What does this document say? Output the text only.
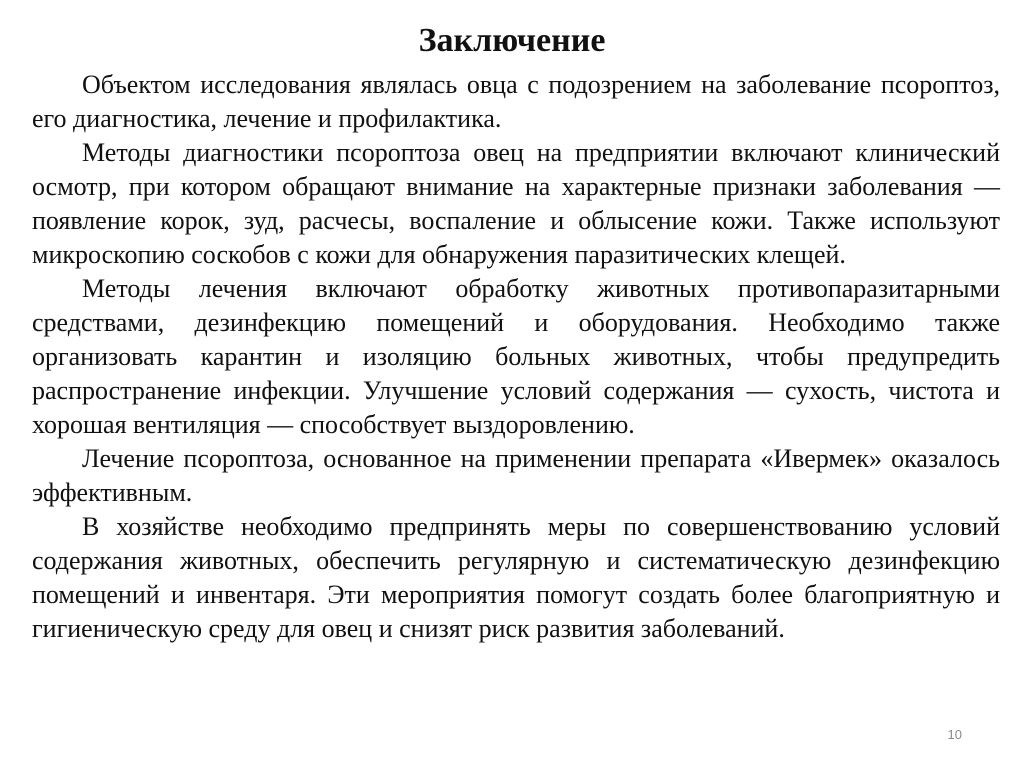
Заключение

Объектом исследования являлась овца с подозрением на заболевание псороптоз, его диагностика, лечение и профилактика.

Методы диагностики псороптоза овец на предприятии включают клинический осмотр, при котором обращают внимание на характерные признаки заболевания — появление корок, зуд, расчесы, воспаление и облысение кожи. Также используют микроскопию соскобов с кожи для обнаружения паразитических клещей.

Методы лечения включают обработку животных противопаразитарными средствами, дезинфекцию помещений и оборудования. Необходимо также организовать карантин и изоляцию больных животных, чтобы предупредить распространение инфекции. Улучшение условий содержания — сухость, чистота и хорошая вентиляция — способствует выздоровлению.

Лечение псороптоза, основанное на применении препарата «Ивермек» оказалось эффективным.

В хозяйстве необходимо предпринять меры по совершенствованию условий содержания животных, обеспечить регулярную и систематическую дезинфекцию помещений и инвентаря. Эти мероприятия помогут создать более благоприятную и гигиеническую среду для овец и снизят риск развития заболеваний.

10
